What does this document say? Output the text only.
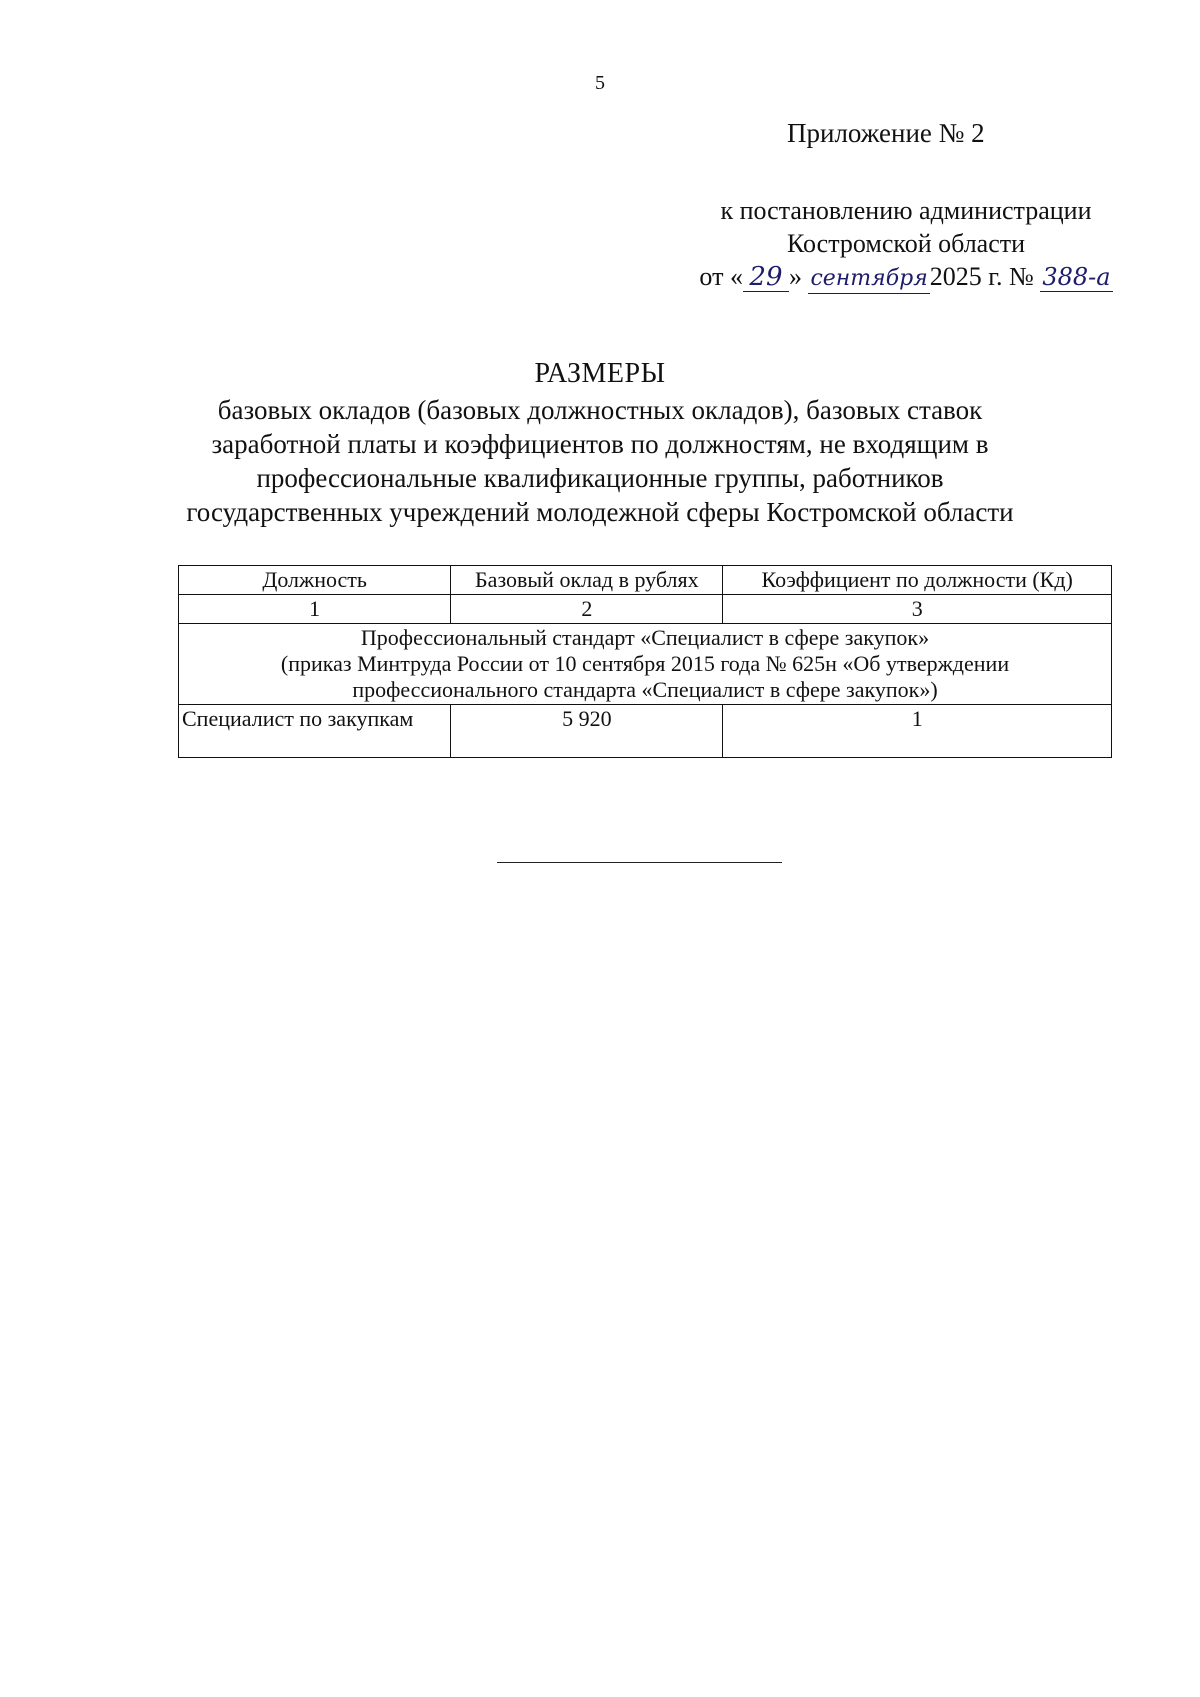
5
Приложение № 2
к постановлению администрации
Костромской области
от « 29 » сентября2025 г. № 388-а
РАЗМЕРЫ
базовых окладов (базовых должностных окладов), базовых ставок
заработной платы и коэффициентов по должностям, не входящим в
профессиональные квалификационные группы, работников
государственных учреждений молодежной сферы Костромской области
Должность	Базовый оклад в рублях	Коэффициент по должности (Кд)
1	2	3

Профессиональный стандарт «Специалист в сфере закупок»
(приказ Минтруда России от 10 сентября 2015 года № 625н «Об утверждении
профессионального стандарта «Специалист в сфере закупок»)		

Специалист по закупкам	5 920	1
